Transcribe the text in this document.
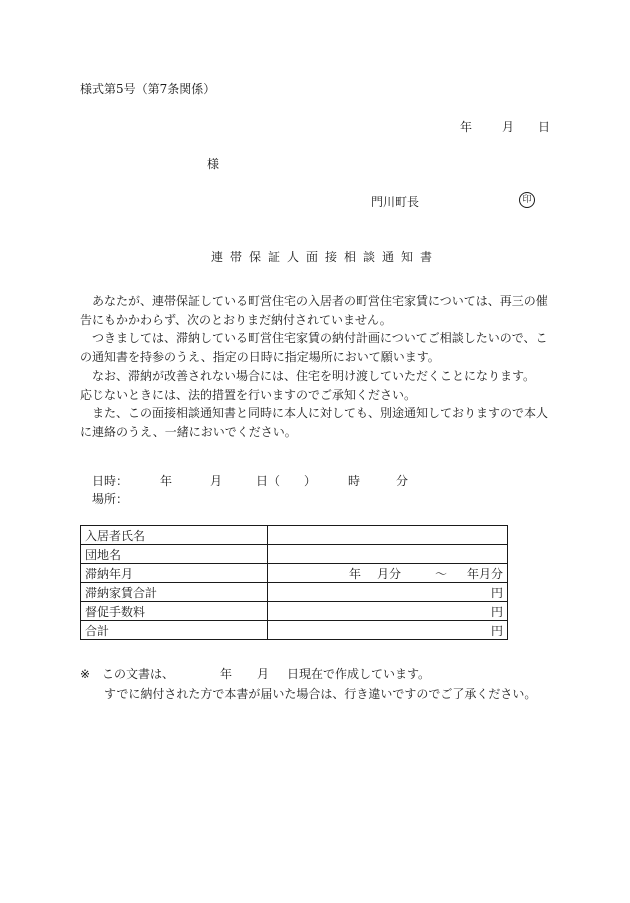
様式第5号（第7条関係）
年 月 日
様
門川町長	印
連帯保証人面接相談通知書

あなたが、連帯保証している町営住宅の入居者の町営住宅家賃については、再三の催告にもかかわらず、次のとおりまだ納付されていません。

つきましては、滞納している町営住宅家賃の納付計画についてご相談したいので、この通知書を持参のうえ、指定の日時に指定場所において願います。

なお、滞納が改善されない場合には、住宅を明け渡していただくことになります。

応じないときには、法的措置を行いますのでご承知ください。

また、この面接相談通知書と同時に本人に対しても、別途通知しておりますので本人に連絡のうえ、一緒においでください。

日時：	年	月	日（　　）	時	分
場所：
入居者氏名	
団地名	
滞納年月	年 月分 ～ 年月分
滞納家賃合計	円
督促手数料	円
合計	円
※ この文書は、	年 月 日現在で作成しています。
すでに納付された方で本書が届いた場合は、行き違いですのでご了承ください。
